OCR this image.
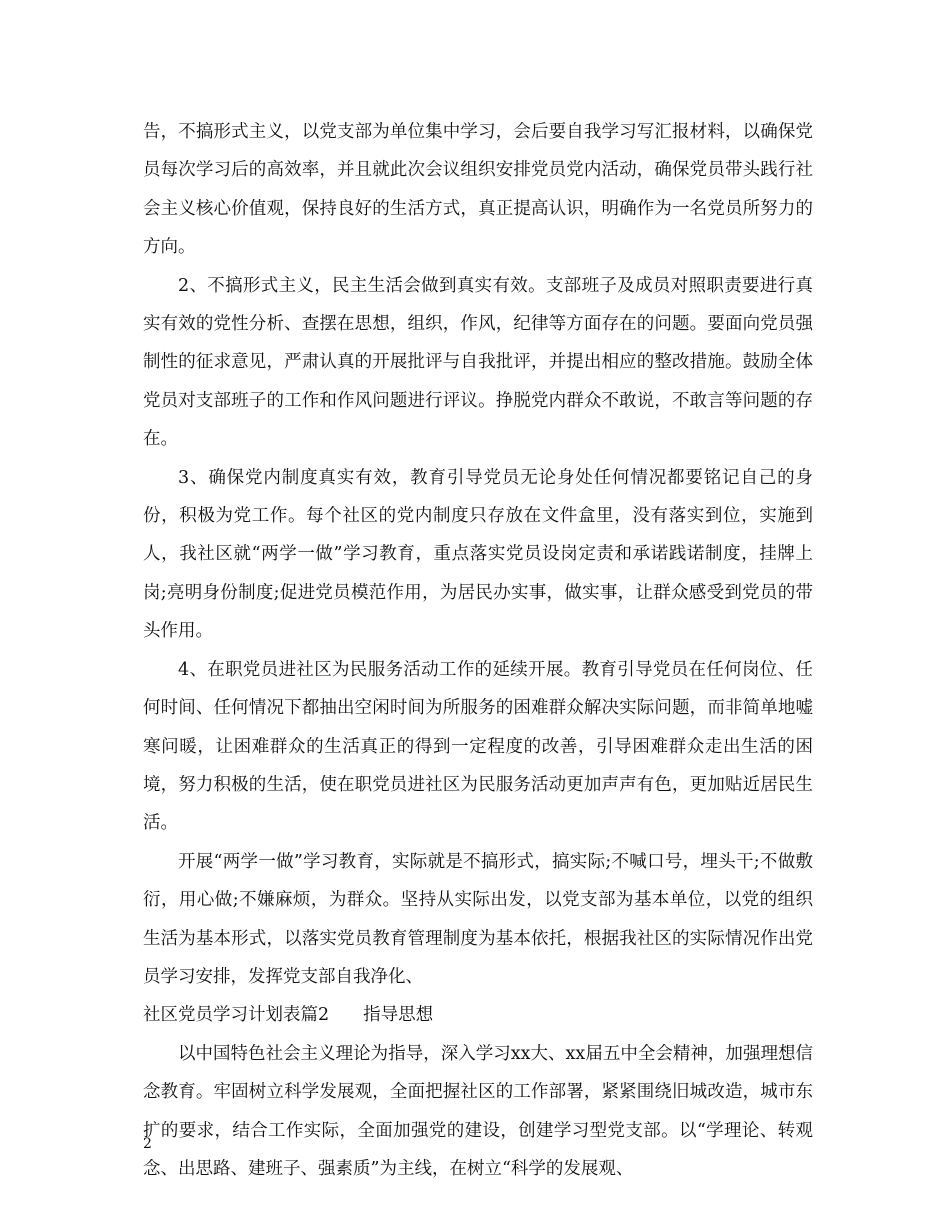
告，不搞形式主义，以党支部为单位集中学习，会后要自我学习写汇报材料，以确保党员每次学习后的高效率，并且就此次会议组织安排党员党内活动，确保党员带头践行社会主义核心价值观，保持良好的生活方式，真正提高认识，明确作为一名党员所努力的方向。

2、不搞形式主义，民主生活会做到真实有效。支部班子及成员对照职责要进行真实有效的党性分析、查摆在思想，组织，作风，纪律等方面存在的问题。要面向党员强制性的征求意见，严肃认真的开展批评与自我批评，并提出相应的整改措施。鼓励全体党员对支部班子的工作和作风问题进行评议。挣脱党内群众不敢说，不敢言等问题的存在。

3、确保党内制度真实有效，教育引导党员无论身处任何情况都要铭记自己的身份，积极为党工作。每个社区的党内制度只存放在文件盒里，没有落实到位，实施到人，我社区就“两学一做”学习教育，重点落实党员设岗定责和承诺践诺制度，挂牌上岗;亮明身份制度;促进党员模范作用，为居民办实事，做实事，让群众感受到党员的带头作用。

4、在职党员进社区为民服务活动工作的延续开展。教育引导党员在任何岗位、任何时间、任何情况下都抽出空闲时间为所服务的困难群众解决实际问题，而非简单地嘘寒问暖，让困难群众的生活真正的得到一定程度的改善，引导困难群众走出生活的困境，努力积极的生活，使在职党员进社区为民服务活动更加声声有色，更加贴近居民生活。

开展“两学一做”学习教育，实际就是不搞形式，搞实际;不喊口号，埋头干;不做敷衍，用心做;不嫌麻烦，为群众。坚持从实际出发，以党支部为基本单位，以党的组织生活为基本形式，以落实党员教育管理制度为基本依托，根据我社区的实际情况作出党员学习安排，发挥党支部自我净化、

社区党员学习计划表篇2 指导思想

以中国特色社会主义理论为指导，深入学习xx大、xx届五中全会精神，加强理想信念教育。牢固树立科学发展观，全面把握社区的工作部署，紧紧围绕旧城改造，城市东扩的要求，结合工作实际，全面加强党的建设，创建学习型党支部。以“学理论、转观念、出思路、建班子、强素质”为主线，在树立“科学的发展观、

2
